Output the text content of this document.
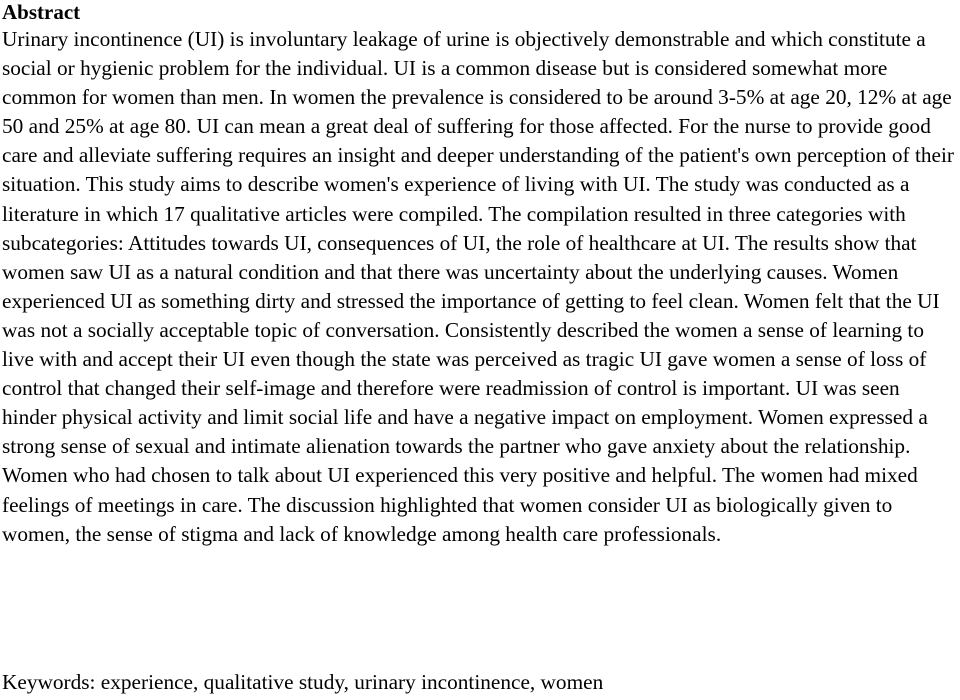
Abstract

Urinary incontinence (UI) is involuntary leakage of urine is objectively demonstrable and which constitute a social or hygienic problem for the individual. UI is a common disease but is considered somewhat more common for women than men. In women the prevalence is considered to be around 3-5% at age 20, 12% at age 50 and 25% at age 80. UI can mean a great deal of suffering for those affected. For the nurse to provide good care and alleviate suffering requires an insight and deeper understanding of the patient's own perception of their situation. This study aims to describe women's experience of living with UI. The study was conducted as a literature in which 17 qualitative articles were compiled. The compilation resulted in three categories with subcategories: Attitudes towards UI, consequences of UI, the role of healthcare at UI. The results show that women saw UI as a natural condition and that there was uncertainty about the underlying causes. Women experienced UI as something dirty and stressed the importance of getting to feel clean. Women felt that the UI was not a socially acceptable topic of conversation. Consistently described the women a sense of learning to live with and accept their UI even though the state was perceived as tragic UI gave women a sense of loss of control that changed their self-image and therefore were readmission of control is important. UI was seen hinder physical activity and limit social life and have a negative impact on employment. Women expressed a strong sense of sexual and intimate alienation towards the partner who gave anxiety about the relationship. Women who had chosen to talk about UI experienced this very positive and helpful. The women had mixed feelings of meetings in care. The discussion highlighted that women consider UI as biologically given to women, the sense of stigma and lack of knowledge among health care professionals.

Keywords: experience, qualitative study, urinary incontinence, women
